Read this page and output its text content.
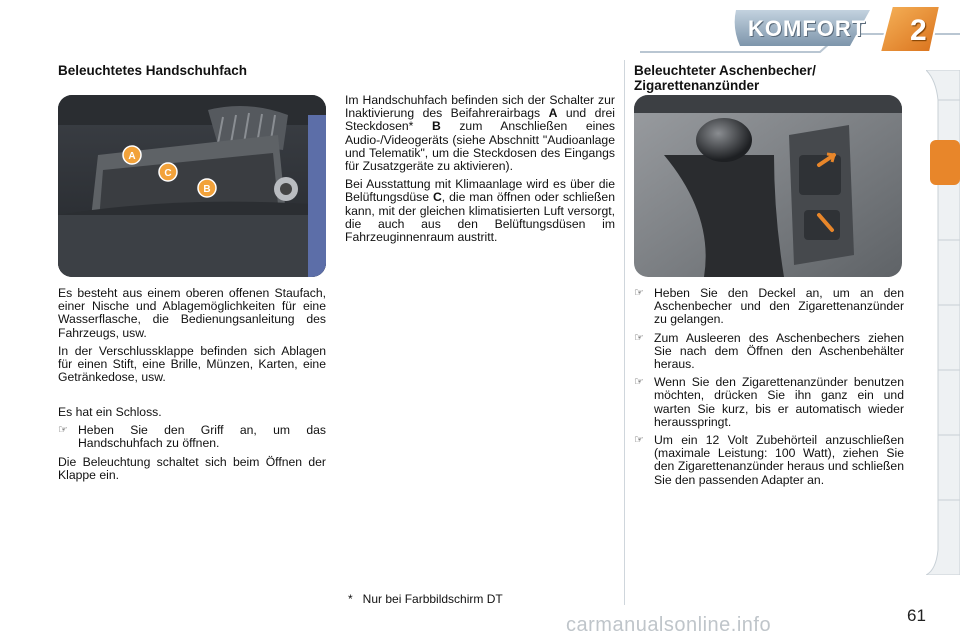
KOMFORT 2
Beleuchtetes Handschuhfach
A
C
B

Es besteht aus einem oberen offenen Staufach, einer Nische und Ablagemöglichkeiten für eine Wasserflasche, die Bedienungsanleitung des Fahrzeugs, usw.

In der Verschlussklappe befinden sich Ablagen für einen Stift, eine Brille, Münzen, Karten, eine Getränkedose, usw.

Es hat ein Schloss.

☞ Heben Sie den Griff an, um das Handschuhfach zu öffnen.

Die Beleuchtung schaltet sich beim Öffnen der Klappe ein.

Im Handschuhfach befinden sich der Schalter zur Inaktivierung des Beifahrerairbags A und drei Steckdosen* B zum Anschließen eines Audio-/Videogeräts (siehe Abschnitt "Audioanlage und Telematik", um die Steckdosen des Eingangs für Zusatzgeräte zu aktivieren).

Bei Ausstattung mit Klimaanlage wird es über die Belüftungsdüse C, die man öffnen oder schließen kann, mit der gleichen klimatisierten Luft versorgt, die auch aus den Belüftungsdüsen im Fahrzeuginnenraum austritt.

Beleuchteter Aschenbecher/ Zigarettenanzünder
☞ Heben Sie den Deckel an, um an den Aschenbecher und den Zigarettenanzünder zu gelangen.
☞ Zum Ausleeren des Aschenbechers ziehen Sie nach dem Öffnen den Aschenbehälter heraus.
☞ Wenn Sie den Zigarettenanzünder benutzen möchten, drücken Sie ihn ganz ein und warten Sie kurz, bis er automatisch wieder herausspringt.
☞ Um ein 12 Volt Zubehörteil anzuschließen (maximale Leistung: 100 Watt), ziehen Sie den Zigarettenanzünder heraus und schließen Sie den passenden Adapter an.
*   Nur bei Farbbildschirm DT
carmanualsonline.info	61
